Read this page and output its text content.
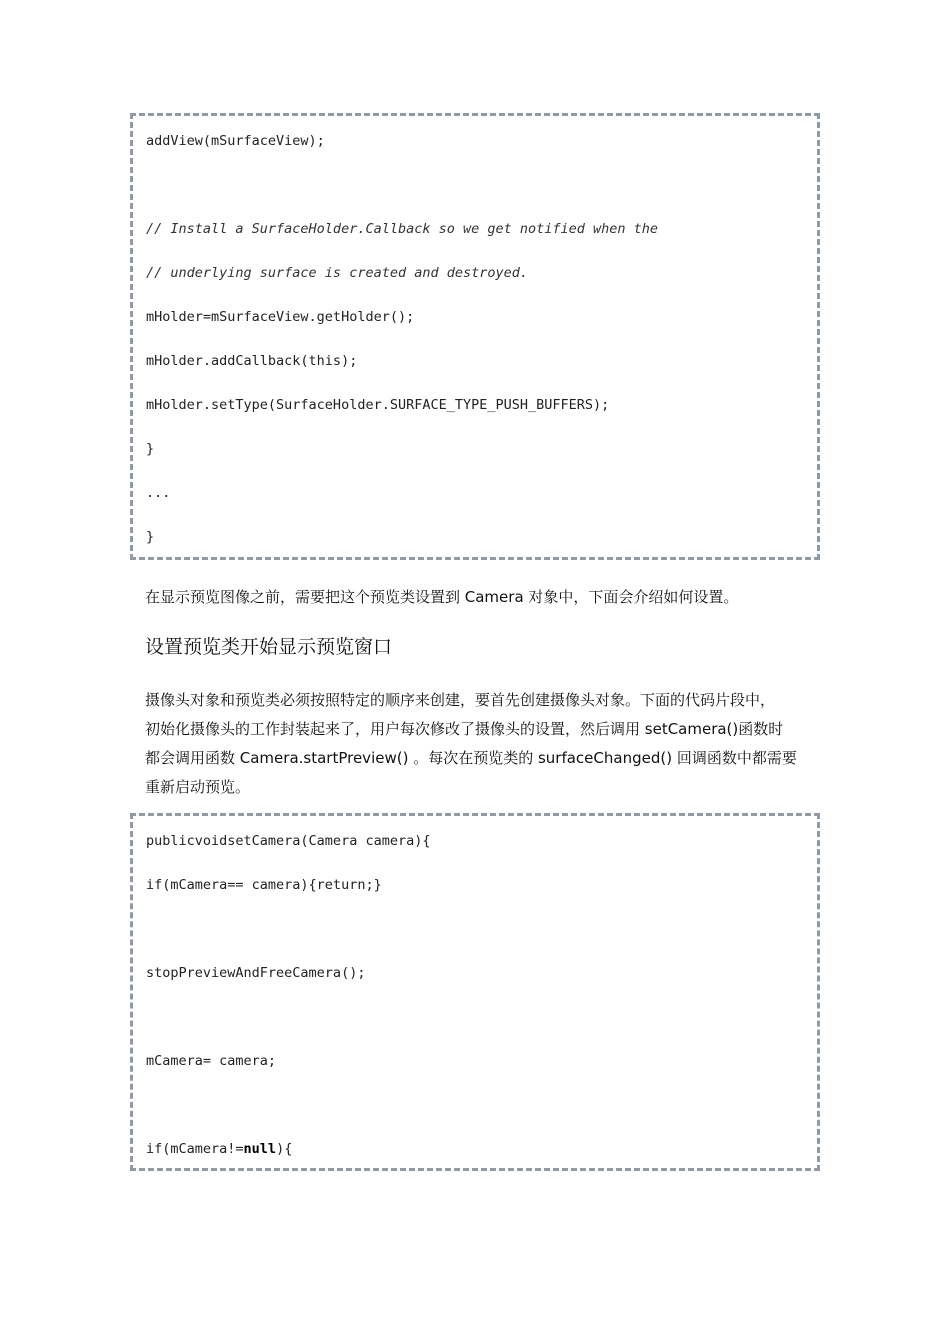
addView(mSurfaceView);
// Install a SurfaceHolder.Callback so we get notified when the
// underlying surface is created and destroyed.
mHolder=mSurfaceView.getHolder();
mHolder.addCallback(this);
mHolder.setType(SurfaceHolder.SURFACE_TYPE_PUSH_BUFFERS);
}
...
}
在显示预览图像之前，需要把这个预览类设置到 Camera 对象中，下面会介绍如何设置。
设置预览类开始显示预览窗口
摄像头对象和预览类必须按照特定的顺序来创建，要首先创建摄像头对象。下面的代码片段中，
初始化摄像头的工作封装起来了，用户每次修改了摄像头的设置，然后调用 setCamera()函数时
都会调用函数 Camera.startPreview() 。每次在预览类的 surfaceChanged() 回调函数中都需要
重新启动预览。
publicvoidsetCamera(Camera camera){
if(mCamera== camera){return;}
stopPreviewAndFreeCamera();
mCamera= camera;
if(mCamera!=null){
